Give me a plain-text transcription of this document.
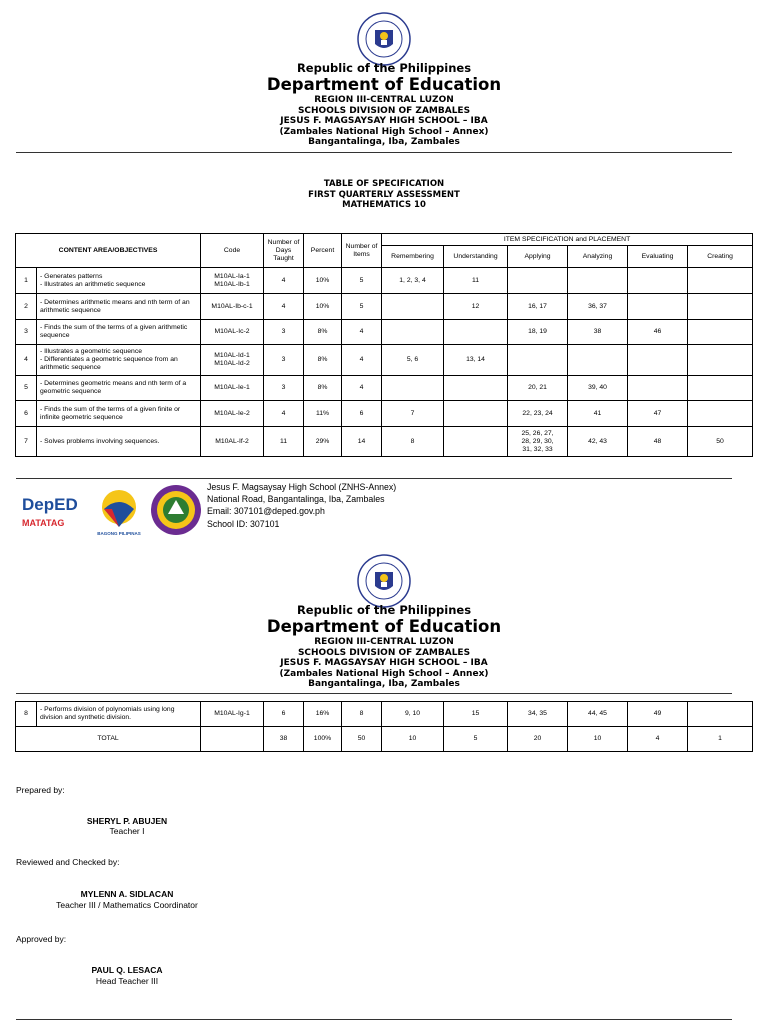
Republic of the Philippines
Department of Education
REGION III-CENTRAL LUZON
SCHOOLS DIVISION OF ZAMBALES
JESUS F. MAGSAYSAY HIGH SCHOOL – IBA
(Zambales National High School – Annex)
Bangantalinga, Iba, Zambales
TABLE OF SPECIFICATION
FIRST QUARTERLY ASSESSMENT
MATHEMATICS 10
CONTENT AREA/OBJECTIVES		Code	Number of Days Taught	Percent	Number of Items	ITEM SPECIFICATION and PLACEMENT					
						Remembering	Understanding	Applying	Analyzing	Evaluating	Creating
1	- Generates patterns
- Illustrates an arithmetic sequence	M10AL-Ia-1
M10AL-Ib-1	4	10%	5	1, 2, 3, 4	11				
2	- Determines arithmetic means and nth term of an arithmetic sequence	M10AL-Ib-c-1	4	10%	5		12	16, 17	36, 37		
3	- Finds the sum of the terms of a given arithmetic sequence	M10AL-Ic-2	3	8%	4			18, 19	38	46	
4	- Illustrates a geometric sequence
- Differentiates a geometric sequence from an arithmetic sequence	M10AL-Id-1
M10AL-Id-2	3	8%	4	5, 6	13, 14				
5	- Determines geometric means and nth term of a geometric sequence	M10AL-Ie-1	3	8%	4			20, 21	39, 40		
6	- Finds the sum of the terms of a given finite or infinite geometric sequence	M10AL-Ie-2	4	11%	6	7		22, 23, 24	41	47	
7	- Solves problems involving sequences.	M10AL-If-2	11	29%	14	8		25, 26, 27,
28, 29, 30,
31, 32, 33	42, 43	48	50
DepED
MATATAG
BAGONG PILIPINAS
Jesus F. Magsaysay High School (ZNHS-Annex)
National Road, Bangantalinga, Iba, Zambales
Email: 307101@deped.gov.ph
School ID: 307101
Republic of the Philippines
Department of Education
REGION III-CENTRAL LUZON
SCHOOLS DIVISION OF ZAMBALES
JESUS F. MAGSAYSAY HIGH SCHOOL – IBA
(Zambales National High School – Annex)
Bangantalinga, Iba, Zambales
8	- Performs division of polynomials using long division and synthetic division.	M10AL-Ig-1	6	16%	8	9, 10	15	34, 35	44, 45	49	
TOTAL			38	100%	50	10	5	20	10	4	1
Prepared by:
SHERYL P. ABUJEN
Teacher I
Reviewed and Checked by:
MYLENN A. SIDLACAN
Teacher III / Mathematics Coordinator
Approved by:
PAUL Q. LESACA
Head Teacher III
